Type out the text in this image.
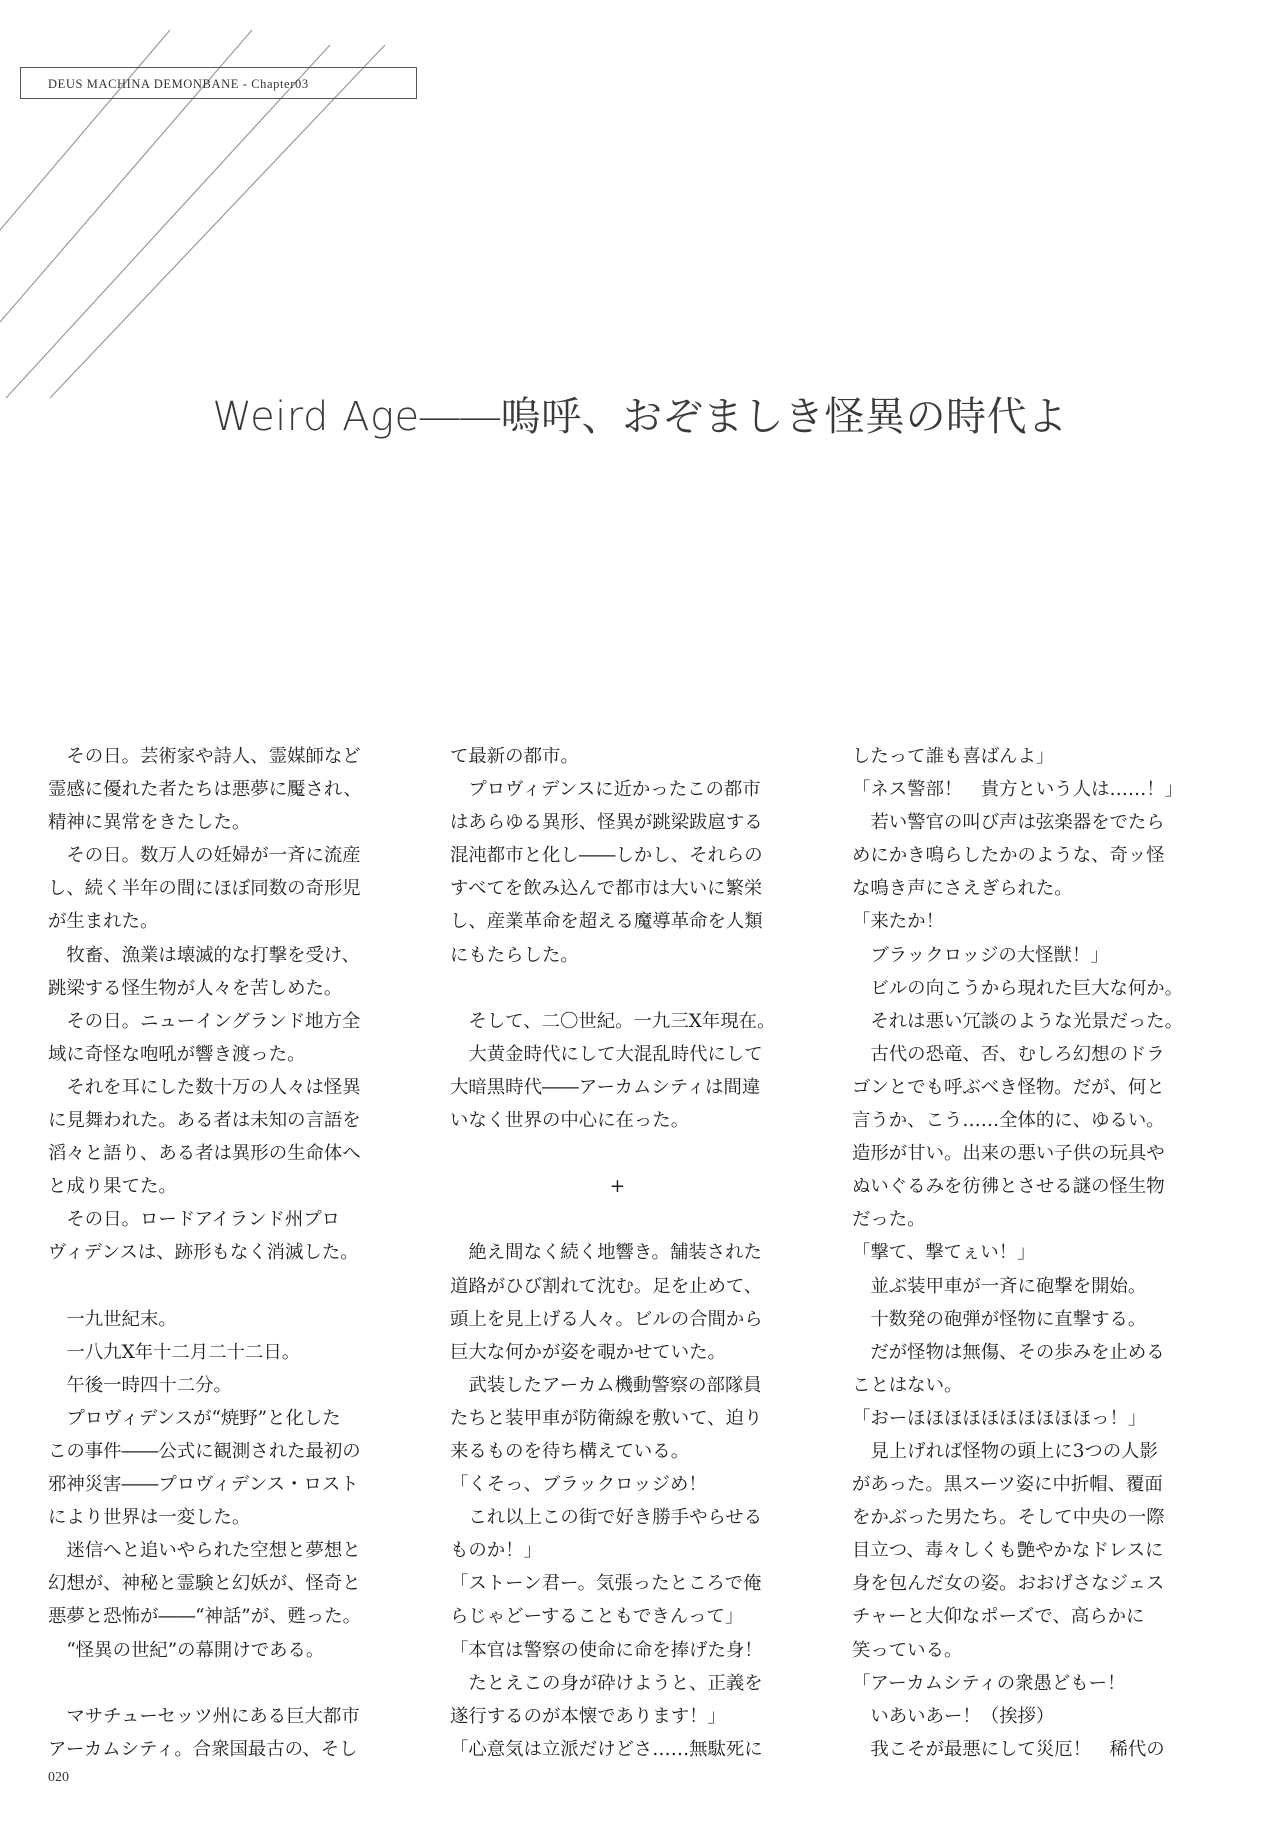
DEUS MACHINA DEMONBANE - Chapter03
Weird Age――嗚呼、おぞましき怪異の時代よ
　その日。芸術家や詩人、霊媒師など
霊感に優れた者たちは悪夢に魘され、
精神に異常をきたした。
　その日。数万人の妊婦が一斉に流産
し、続く半年の間にほぼ同数の奇形児
が生まれた。
　牧畜、漁業は壊滅的な打撃を受け、
跳梁する怪生物が人々を苦しめた。
　その日。ニューイングランド地方全
域に奇怪な咆吼が響き渡った。
　それを耳にした数十万の人々は怪異
に見舞われた。ある者は未知の言語を
滔々と語り、ある者は異形の生命体へ
と成り果てた。
　その日。ロードアイランド州プロ
ヴィデンスは、跡形もなく消滅した。
　一九世紀末。
　一八九X年十二月二十二日。
　午後一時四十二分。
　プロヴィデンスが“焼野”と化した
この事件――公式に観測された最初の
邪神災害――プロヴィデンス・ロスト
により世界は一変した。
　迷信へと追いやられた空想と夢想と
幻想が、神秘と霊験と幻妖が、怪奇と
悪夢と恐怖が――“神話”が、甦った。
　“怪異の世紀”の幕開けである。
　マサチューセッツ州にある巨大都市
アーカムシティ。合衆国最古の、そし
て最新の都市。
　プロヴィデンスに近かったこの都市
はあらゆる異形、怪異が跳梁跋扈する
混沌都市と化し――しかし、それらの
すべてを飲み込んで都市は大いに繁栄
し、産業革命を超える魔導革命を人類
にもたらした。
　そして、二〇世紀。一九三X年現在。
　大黄金時代にして大混乱時代にして
大暗黒時代――アーカムシティは間違
いなく世界の中心に在った。
+
　絶え間なく続く地響き。舗装された
道路がひび割れて沈む。足を止めて、
頭上を見上げる人々。ビルの合間から
巨大な何かが姿を覗かせていた。
　武装したアーカム機動警察の部隊員
たちと装甲車が防衛線を敷いて、迫り
来るものを待ち構えている。
「くそっ、ブラックロッジめ！
　これ以上この街で好き勝手やらせる
ものか！」
「ストーン君ー。気張ったところで俺
らじゃどーすることもできんって」
「本官は警察の使命に命を捧げた身！
　たとえこの身が砕けようと、正義を
遂行するのが本懐であります！」
「心意気は立派だけどさ……無駄死に
したって誰も喜ばんよ」
「ネス警部！　貴方という人は……！」
　若い警官の叫び声は弦楽器をでたら
めにかき鳴らしたかのような、奇ッ怪
な鳴き声にさえぎられた。
「来たか！
　ブラックロッジの大怪獣！」
　ビルの向こうから現れた巨大な何か。
　それは悪い冗談のような光景だった。
　古代の恐竜、否、むしろ幻想のドラ
ゴンとでも呼ぶべき怪物。だが、何と
言うか、こう……全体的に、ゆるい。
造形が甘い。出来の悪い子供の玩具や
ぬいぐるみを彷彿とさせる謎の怪生物
だった。
「撃て、撃てぇい！」
　並ぶ装甲車が一斉に砲撃を開始。
　十数発の砲弾が怪物に直撃する。
　だが怪物は無傷、その歩みを止める
ことはない。
「おーほほほほほほほほほほっ！」
　見上げれば怪物の頭上に3つの人影
があった。黒スーツ姿に中折帽、覆面
をかぶった男たち。そして中央の一際
目立つ、毒々しくも艶やかなドレスに
身を包んだ女の姿。おおげさなジェス
チャーと大仰なポーズで、高らかに
笑っている。
「アーカムシティの衆愚どもー！
　いあいあー！（挨拶）
　我こそが最悪にして災厄！　稀代の
020
